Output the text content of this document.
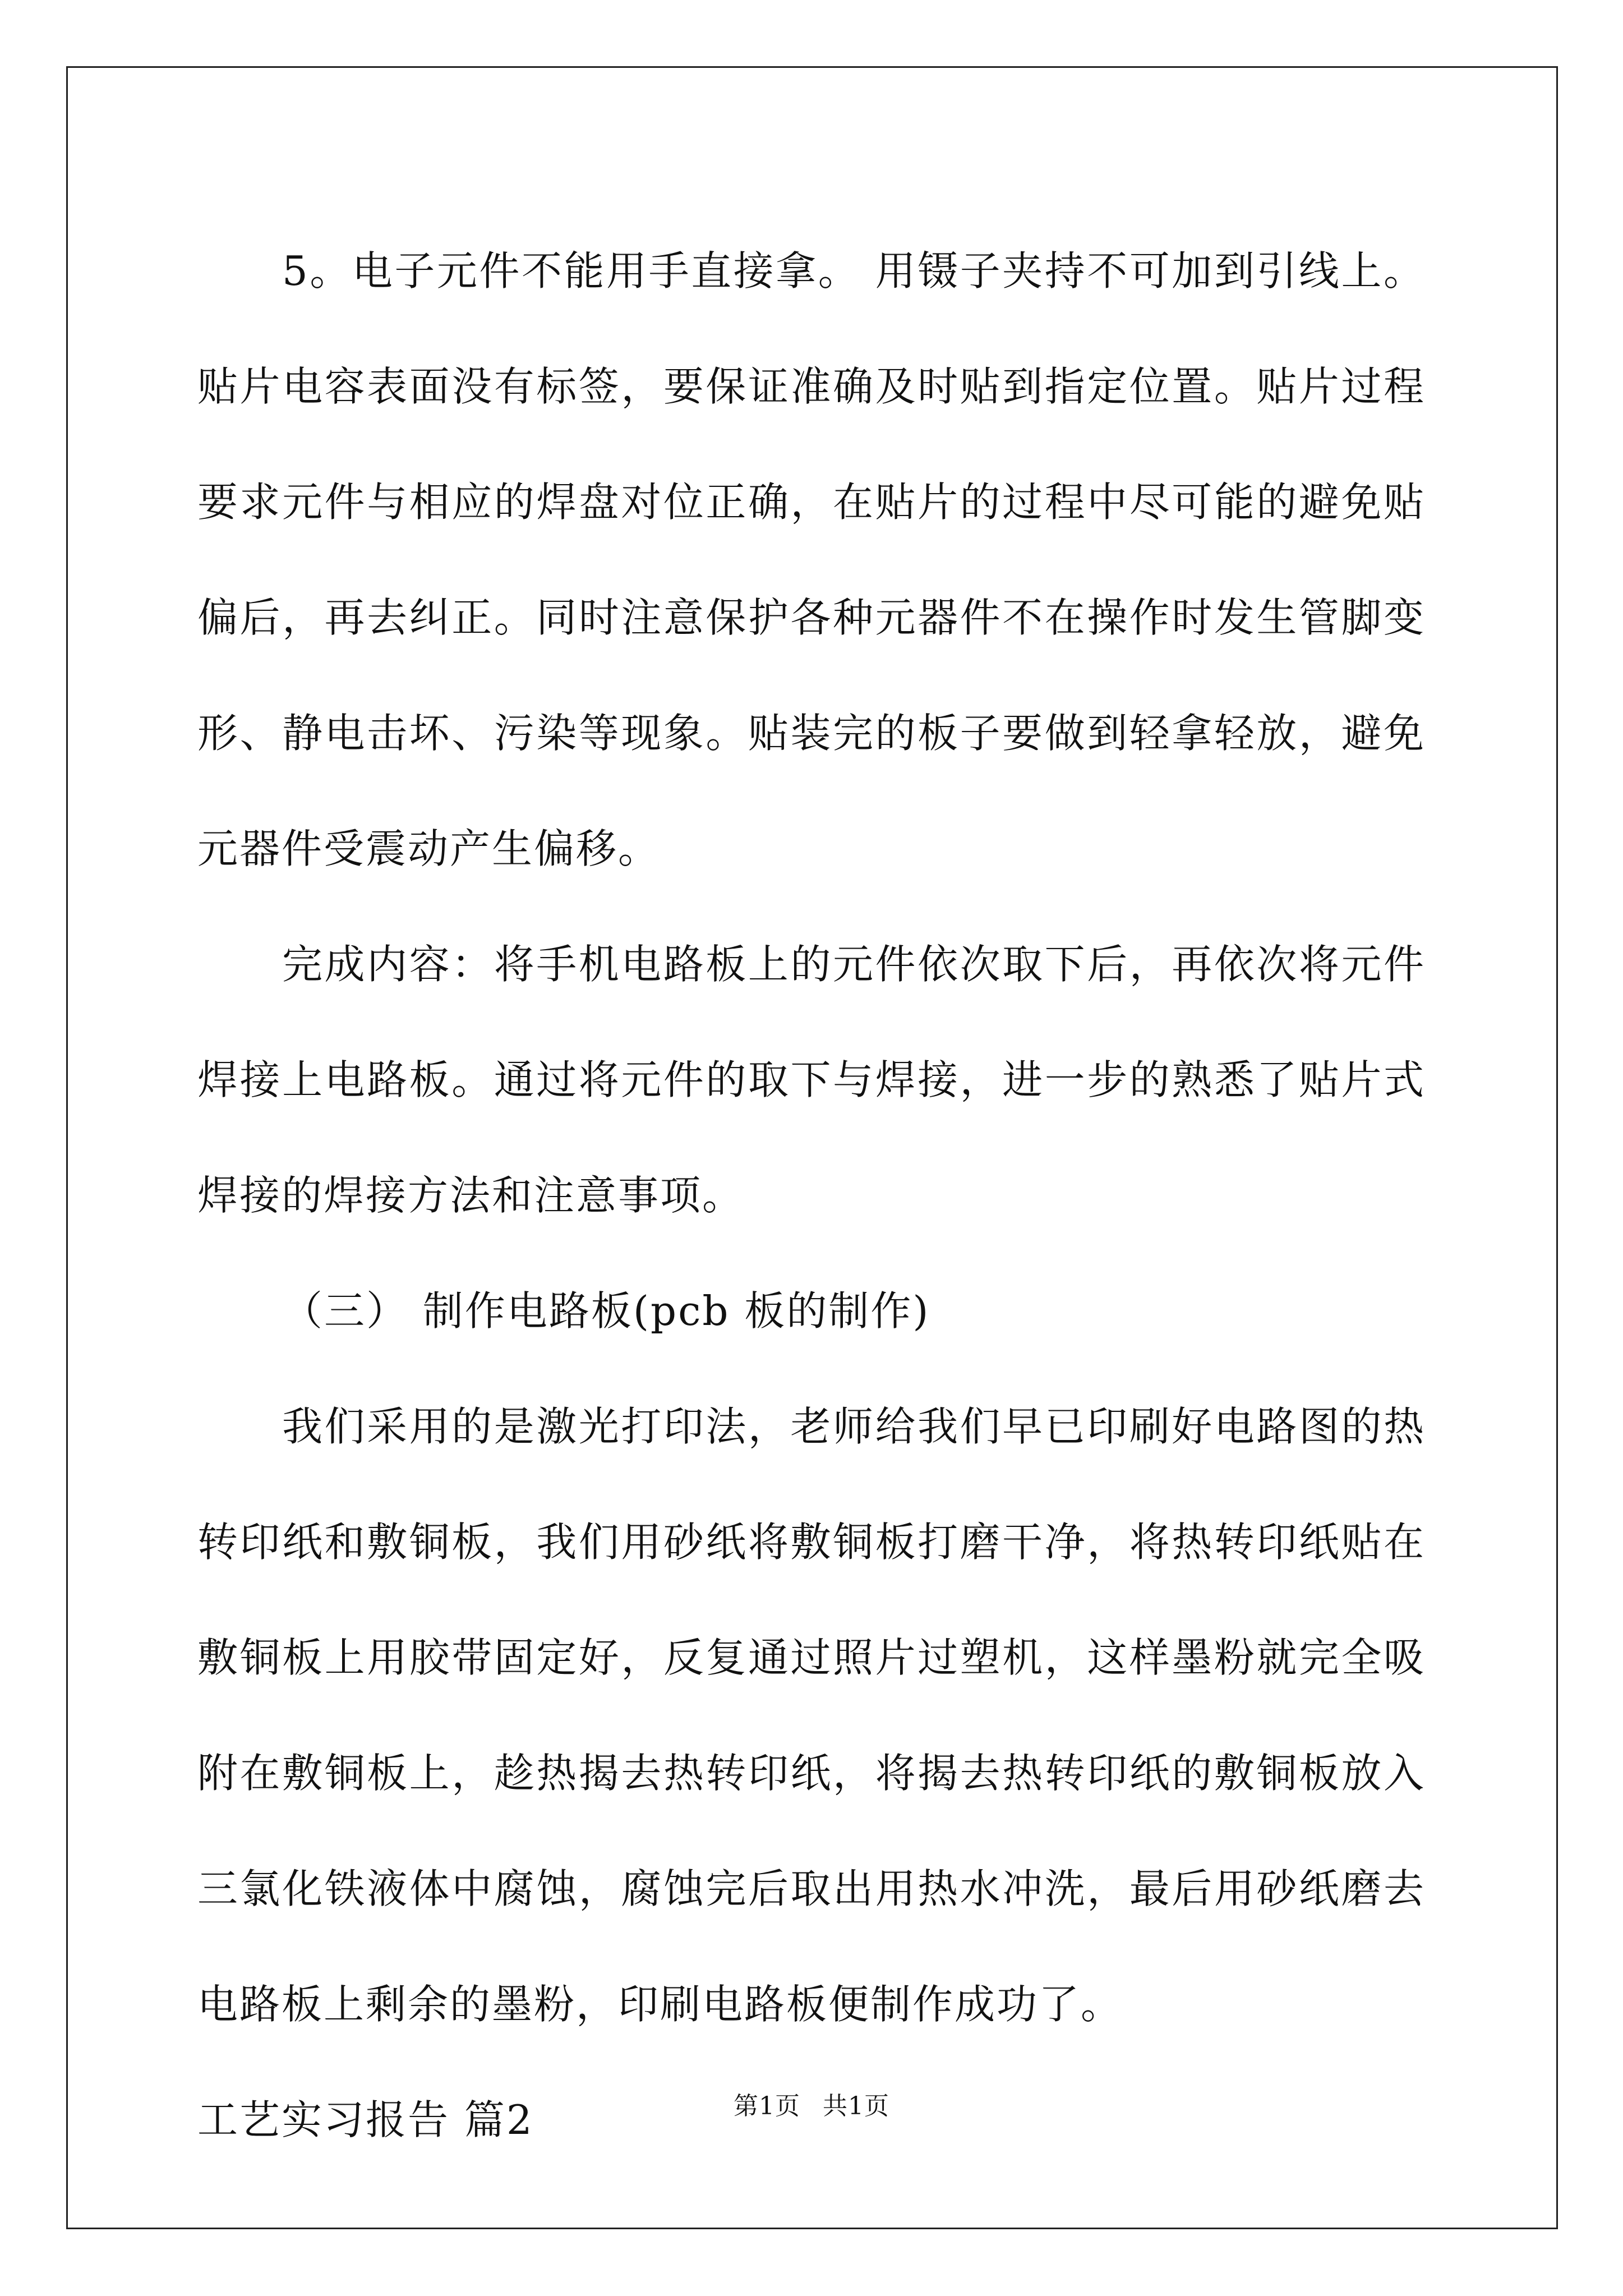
5。电子元件不能用手直接拿。 用镊子夹持不可加到引线上。贴片电容表面没有标签，要保证准确及时贴到指定位置。贴片过程要求元件与相应的焊盘对位正确，在贴片的过程中尽可能的避免贴偏后，再去纠正。同时注意保护各种元器件不在操作时发生管脚变形、静电击坏、污染等现象。贴装完的板子要做到轻拿轻放，避免元器件受震动产生偏移。

完成内容：将手机电路板上的元件依次取下后，再依次将元件焊接上电路板。通过将元件的取下与焊接，进一步的熟悉了贴片式焊接的焊接方法和注意事项。

（三） 制作电路板(pcb 板的制作)

我们采用的是激光打印法，老师给我们早已印刷好电路图的热转印纸和敷铜板，我们用砂纸将敷铜板打磨干净，将热转印纸贴在敷铜板上用胶带固定好，反复通过照片过塑机，这样墨粉就完全吸附在敷铜板上，趁热揭去热转印纸，将揭去热转印纸的敷铜板放入三氯化铁液体中腐蚀，腐蚀完后取出用热水冲洗，最后用砂纸磨去电路板上剩余的墨粉，印刷电路板便制作成功了。

工艺实习报告 篇2	第1页 共1页
